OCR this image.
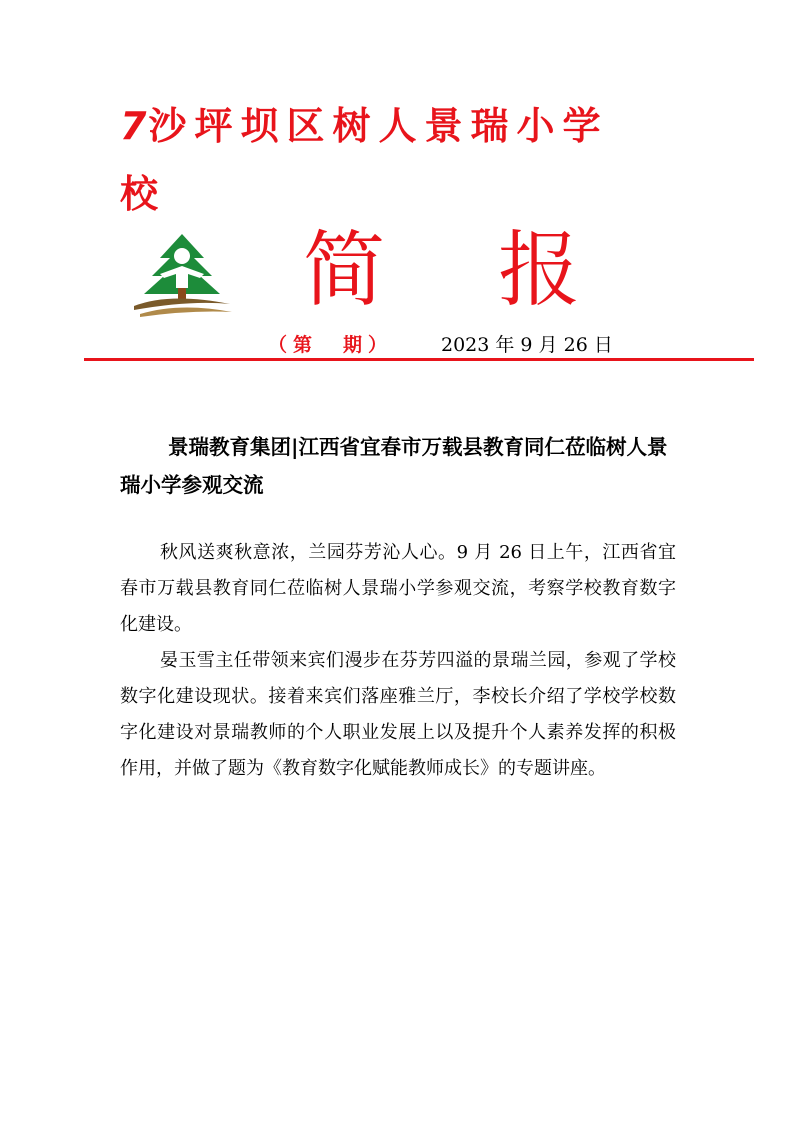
7沙坪坝区树人景瑞小学
校
简 报
（第　期）	2023 年 9 月 26 日
景瑞教育集团|江西省宜春市万载县教育同仁莅临树人景瑞小学参观交流

秋风送爽秋意浓，兰园芬芳沁人心。9 月 26 日上午，江西省宜春市万载县教育同仁莅临树人景瑞小学参观交流，考察学校教育数字化建设。

晏玉雪主任带领来宾们漫步在芬芳四溢的景瑞兰园，参观了学校数字化建设现状。接着来宾们落座雅兰厅，李校长介绍了学校学校数字化建设对景瑞教师的个人职业发展上以及提升个人素养发挥的积极作用，并做了题为《教育数字化赋能教师成长》的专题讲座。
